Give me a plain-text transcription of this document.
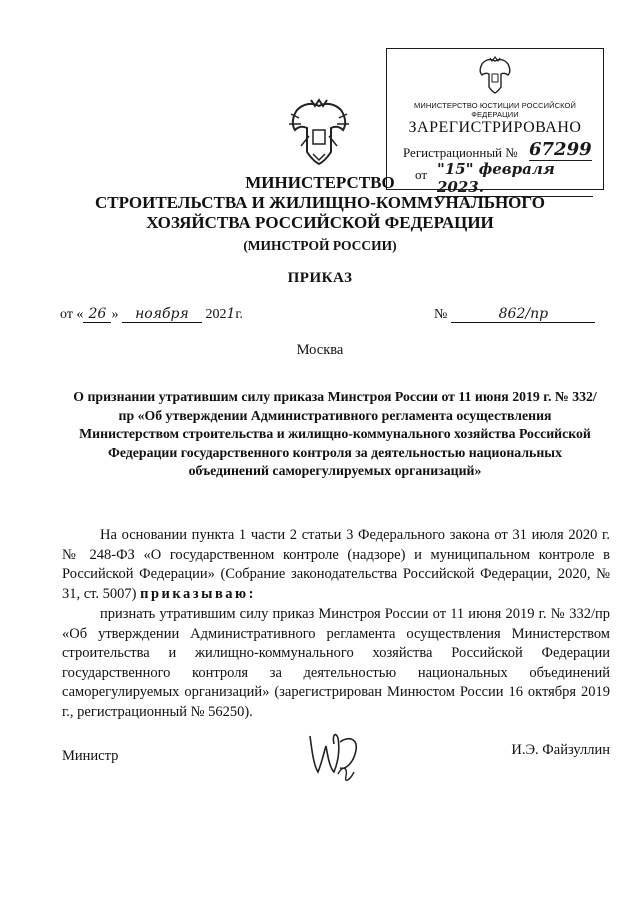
МИНИСТЕРСТВО ЮСТИЦИИ РОССИЙСКОЙ ФЕДЕРАЦИИ
ЗАРЕГИСТРИРОВАНО
Регистрационный № 67299
от "15" февраля 2023.
МИНИСТЕРСТВО
СТРОИТЕЛЬСТВА И ЖИЛИЩНО-КОММУНАЛЬНОГО
ХОЗЯЙСТВА РОССИЙСКОЙ ФЕДЕРАЦИИ
(МИНСТРОЙ РОССИИ)
ПРИКАЗ
от « 26 » ноября 2021г.	№	862/пр
Москва
О признании утратившим силу приказа Минстроя России от 11 июня 2019 г. № 332/пр «Об утверждении Административного регламента осуществления Министерством строительства и жилищно-коммунального хозяйства Российской Федерации государственного контроля за деятельностью национальных объединений саморегулируемых организаций»
На основании пункта 1 части 2 статьи 3 Федерального закона от 31 июля 2020 г. № 248-ФЗ «О государственном контроле (надзоре) и муниципальном контроле в Российской Федерации» (Собрание законодательства Российской Федерации, 2020, № 31, ст. 5007) приказываю:
признать утратившим силу приказ Минстроя России от 11 июня 2019 г. № 332/пр «Об утверждении Административного регламента осуществления Министерством строительства и жилищно-коммунального хозяйства Российской Федерации государственного контроля за деятельностью национальных объединений саморегулируемых организаций» (зарегистрирован Минюстом России 16 октября 2019 г., регистрационный № 56250).
Министр	И.Э. Файзуллин
